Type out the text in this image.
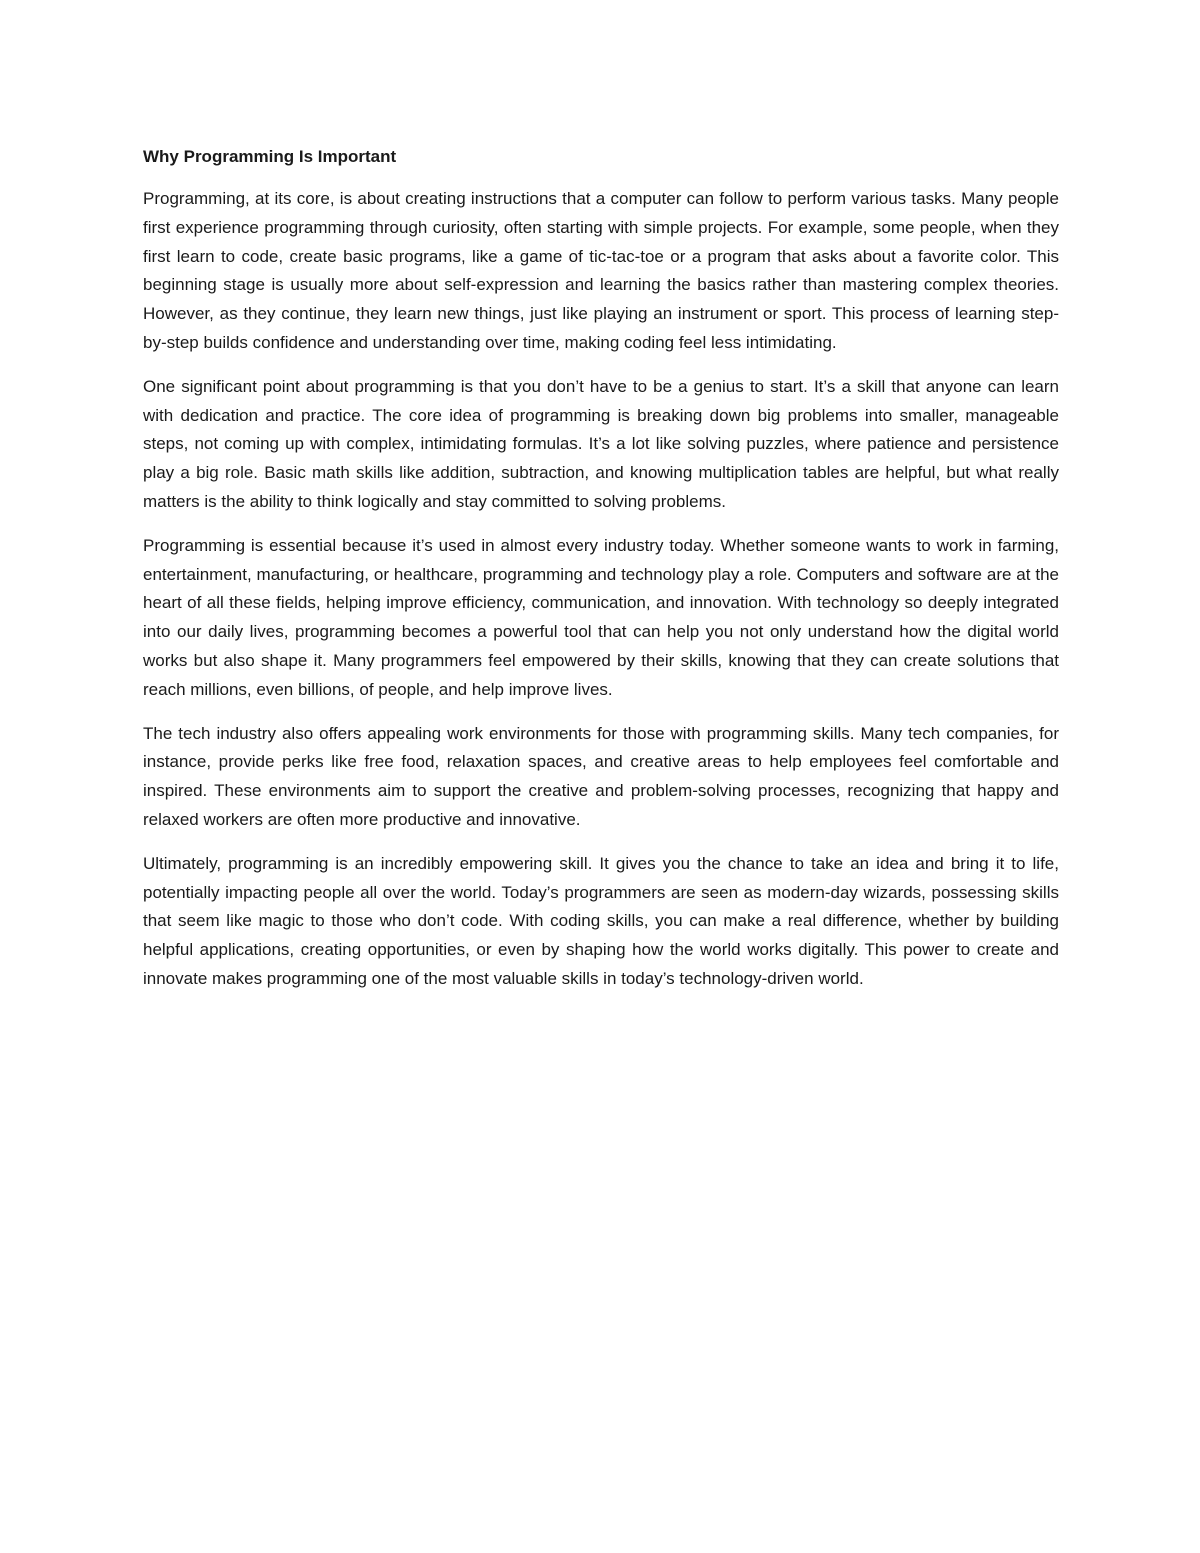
Why Programming Is Important

Programming, at its core, is about creating instructions that a computer can follow to perform various tasks. Many people first experience programming through curiosity, often starting with simple projects. For example, some people, when they first learn to code, create basic programs, like a game of tic-tac-toe or a program that asks about a favorite color. This beginning stage is usually more about self-expression and learning the basics rather than mastering complex theories. However, as they continue, they learn new things, just like playing an instrument or sport. This process of learning step-by-step builds confidence and understanding over time, making coding feel less intimidating.

One significant point about programming is that you don’t have to be a genius to start. It’s a skill that anyone can learn with dedication and practice. The core idea of programming is breaking down big problems into smaller, manageable steps, not coming up with complex, intimidating formulas. It’s a lot like solving puzzles, where patience and persistence play a big role. Basic math skills like addition, subtraction, and knowing multiplication tables are helpful, but what really matters is the ability to think logically and stay committed to solving problems.

Programming is essential because it’s used in almost every industry today. Whether someone wants to work in farming, entertainment, manufacturing, or healthcare, programming and technology play a role. Computers and software are at the heart of all these fields, helping improve efficiency, communication, and innovation. With technology so deeply integrated into our daily lives, programming becomes a powerful tool that can help you not only understand how the digital world works but also shape it. Many programmers feel empowered by their skills, knowing that they can create solutions that reach millions, even billions, of people, and help improve lives.

The tech industry also offers appealing work environments for those with programming skills. Many tech companies, for instance, provide perks like free food, relaxation spaces, and creative areas to help employees feel comfortable and inspired. These environments aim to support the creative and problem-solving processes, recognizing that happy and relaxed workers are often more productive and innovative.

Ultimately, programming is an incredibly empowering skill. It gives you the chance to take an idea and bring it to life, potentially impacting people all over the world. Today’s programmers are seen as modern-day wizards, possessing skills that seem like magic to those who don’t code. With coding skills, you can make a real difference, whether by building helpful applications, creating opportunities, or even by shaping how the world works digitally. This power to create and innovate makes programming one of the most valuable skills in today’s technology-driven world.
